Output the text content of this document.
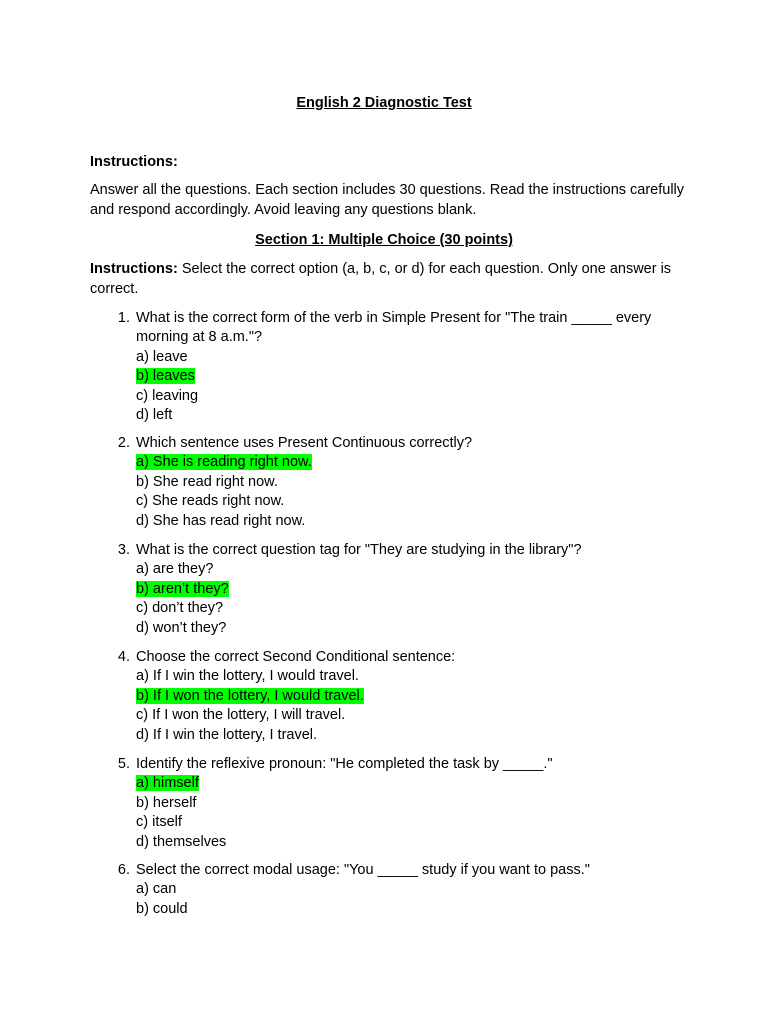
English 2 Diagnostic Test
Instructions:
Answer all the questions. Each section includes 30 questions. Read the instructions carefully and respond accordingly. Avoid leaving any questions blank.
Section 1: Multiple Choice (30 points)
Instructions: Select the correct option (a, b, c, or d) for each question. Only one answer is correct.
1. What is the correct form of the verb in Simple Present for "The train _____ every morning at 8 a.m."?
a) leave
b) leaves
c) leaving
d) left
2. Which sentence uses Present Continuous correctly?
a) She is reading right now.
b) She read right now.
c) She reads right now.
d) She has read right now.
3. What is the correct question tag for "They are studying in the library"?
a) are they?
b) aren’t they?
c) don’t they?
d) won’t they?
4. Choose the correct Second Conditional sentence:
a) If I win the lottery, I would travel.
b) If I won the lottery, I would travel.
c) If I won the lottery, I will travel.
d) If I win the lottery, I travel.
5. Identify the reflexive pronoun: "He completed the task by _____."
a) himself
b) herself
c) itself
d) themselves
6. Select the correct modal usage: "You _____ study if you want to pass."
a) can
b) could
